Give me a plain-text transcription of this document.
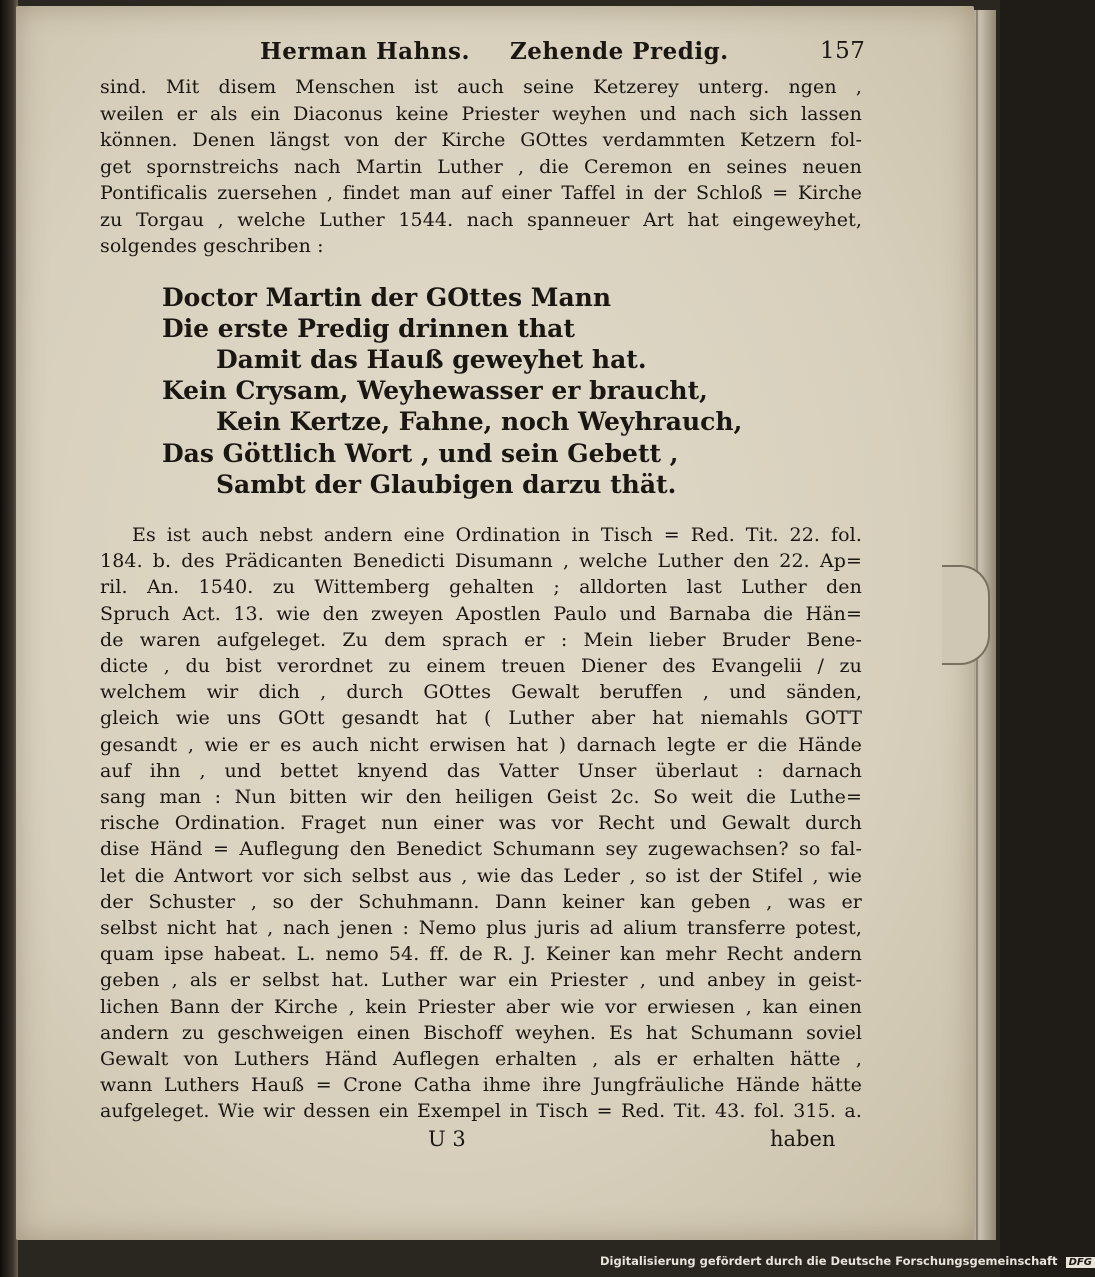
Herman Hahns. Zehende Predig.	157
sind. Mit disem Menschen ist auch seine Ketzerey unterg. ngen ,
weilen er als ein Diaconus keine Priester weyhen und nach sich lassen
können. Denen längst von der Kirche GOttes verdammten Ketzern fol-
get spornstreichs nach Martin Luther , die Ceremon en seines neuen
Pontificalis zuersehen , findet man auf einer Taffel in der Schloß = Kirche
zu Torgau , welche Luther 1544. nach spanneuer Art hat eingeweyhet,
solgendes geschriben :
Doctor Martin der GOttes Mann
Die erste Predig drinnen that
Damit das Hauß geweyhet hat.
Kein Crysam, Weyhewasser er braucht,
Kein Kertze, Fahne, noch Weyhrauch,
Das Göttlich Wort , und sein Gebett ,
Sambt der Glaubigen darzu thät.
Es ist auch nebst andern eine Ordination in Tisch = Red. Tit. 22. fol.
184. b. des Prädicanten Benedicti Disumann , welche Luther den 22. Ap=
ril. An. 1540. zu Wittemberg gehalten ; alldorten last Luther den
Spruch Act. 13. wie den zweyen Apostlen Paulo und Barnaba die Hän=
de waren aufgeleget. Zu dem sprach er : Mein lieber Bruder Bene-
dicte , du bist verordnet zu einem treuen Diener des Evangelii / zu
welchem wir dich , durch GOttes Gewalt beruffen , und sänden,
gleich wie uns GOtt gesandt hat ( Luther aber hat niemahls GOTT
gesandt , wie er es auch nicht erwisen hat ) darnach legte er die Hände
auf ihn , und bettet knyend das Vatter Unser überlaut : darnach
sang man : Nun bitten wir den heiligen Geist 2c. So weit die Luthe=
rische Ordination. Fraget nun einer was vor Recht und Gewalt durch
dise Händ = Auflegung den Benedict Schumann sey zugewachsen? so fal-
let die Antwort vor sich selbst aus , wie das Leder , so ist der Stifel , wie
der Schuster , so der Schuhmann. Dann keiner kan geben , was er
selbst nicht hat , nach jenen : Nemo plus juris ad alium transferre potest,
quam ipse habeat. L. nemo 54. ff. de R. J. Keiner kan mehr Recht andern
geben , als er selbst hat. Luther war ein Priester , und anbey in geist-
lichen Bann der Kirche , kein Priester aber wie vor erwiesen , kan einen
andern zu geschweigen einen Bischoff weyhen. Es hat Schumann soviel
Gewalt von Luthers Händ Auflegen erhalten , als er erhalten hätte ,
wann Luthers Hauß = Crone Catha ihme ihre Jungfräuliche Hände hätte
aufgeleget. Wie wir dessen ein Exempel in Tisch = Red. Tit. 43. fol. 315. a.
U 3	haben
Digitalisierung gefördert durch die Deutsche Forschungsgemeinschaft DFG
